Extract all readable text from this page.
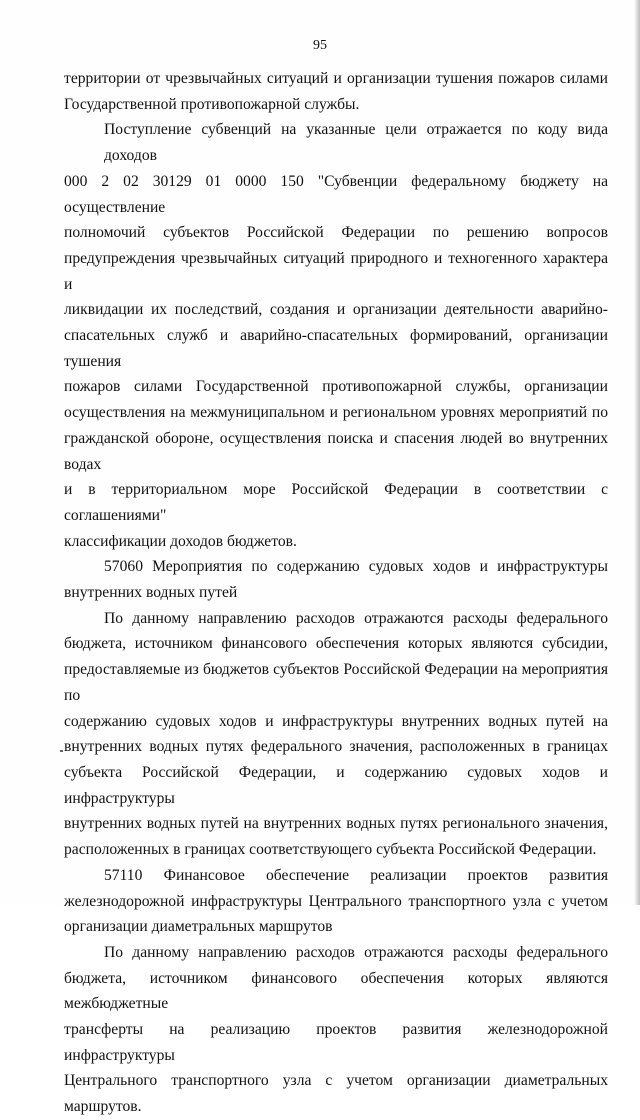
95

территории от чрезвычайных ситуаций и организации тушения пожаров силами
Государственной противопожарной службы.

Поступление субвенций на указанные цели отражается по коду вида доходов
000 2 02 30129 01 0000 150 "Субвенции федеральному бюджету на осуществление
полномочий субъектов Российской Федерации по решению вопросов
предупреждения чрезвычайных ситуаций природного и техногенного характера и
ликвидации их последствий, создания и организации деятельности аварийно-
спасательных служб и аварийно-спасательных формирований, организации тушения
пожаров силами Государственной противопожарной службы, организации
осуществления на межмуниципальном и региональном уровнях мероприятий по
гражданской обороне, осуществления поиска и спасения людей во внутренних водах
и в территориальном море Российской Федерации в соответствии с соглашениями"
классификации доходов бюджетов.

57060 Мероприятия по содержанию судовых ходов и инфраструктуры
внутренних водных путей

По данному направлению расходов отражаются расходы федерального
бюджета, источником финансового обеспечения которых являются субсидии,
предоставляемые из бюджетов субъектов Российской Федерации на мероприятия по
содержанию судовых ходов и инфраструктуры внутренних водных путей на
внутренних водных путях федерального значения, расположенных в границах
субъекта Российской Федерации, и содержанию судовых ходов и инфраструктуры
внутренних водных путей на внутренних водных путях регионального значения,
расположенных в границах соответствующего субъекта Российской Федерации.

57110 Финансовое обеспечение реализации проектов развития
железнодорожной инфраструктуры Центрального транспортного узла с учетом
организации диаметральных маршрутов

По данному направлению расходов отражаются расходы федерального
бюджета, источником финансового обеспечения которых являются межбюджетные
трансферты на реализацию проектов развития железнодорожной инфраструктуры
Центрального транспортного узла с учетом организации диаметральных маршрутов.
